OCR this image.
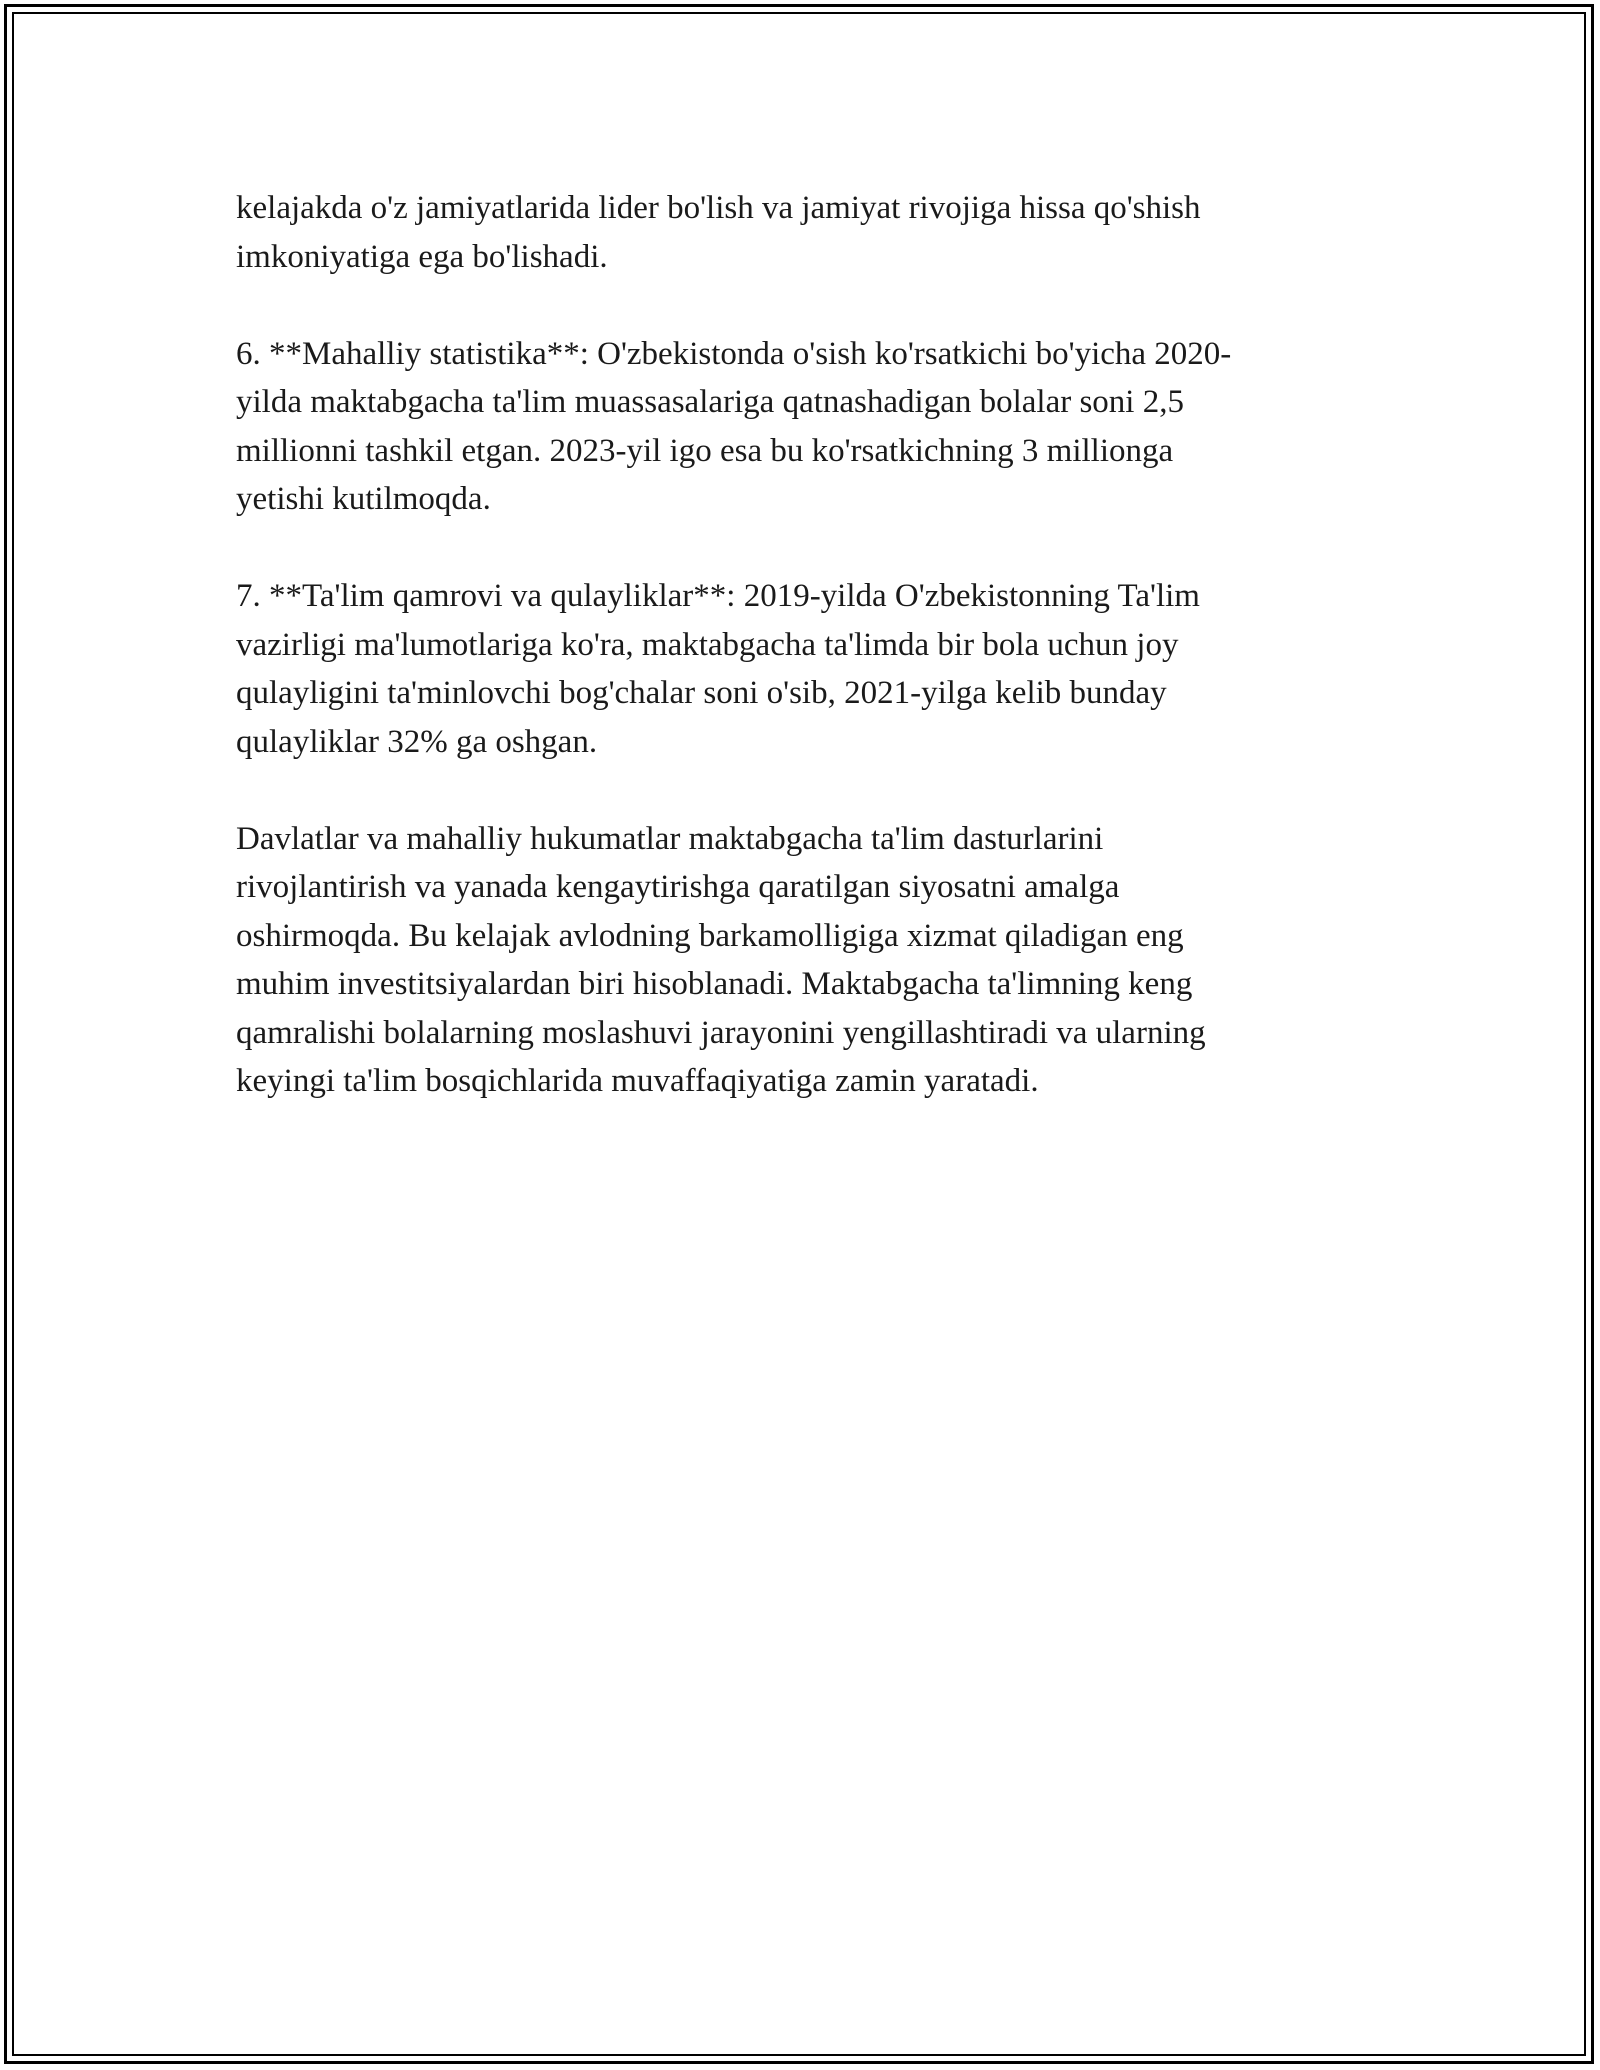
kelajakda o'z jamiyatlarida lider bo'lish va jamiyat rivojiga hissa qo'shish
imkoniyatiga ega bo'lishadi.
6. **Mahalliy statistika**: O'zbekistonda o'sish ko'rsatkichi bo'yicha 2020-
yilda maktabgacha ta'lim muassasalariga qatnashadigan bolalar soni 2,5
millionni tashkil etgan. 2023-yil igo esa bu ko'rsatkichning 3 millionga
yetishi kutilmoqda.
7. **Ta'lim qamrovi va qulayliklar**: 2019-yilda O'zbekistonning Ta'lim
vazirligi ma'lumotlariga ko'ra, maktabgacha ta'limda bir bola uchun joy
qulayligini ta'minlovchi bog'chalar soni o'sib, 2021-yilga kelib bunday
qulayliklar 32% ga oshgan.
Davlatlar va mahalliy hukumatlar maktabgacha ta'lim dasturlarini
rivojlantirish va yanada kengaytirishga qaratilgan siyosatni amalga
oshirmoqda. Bu kelajak avlodning barkamolligiga xizmat qiladigan eng
muhim investitsiyalardan biri hisoblanadi. Maktabgacha ta'limning keng
qamralishi bolalarning moslashuvi jarayonini yengillashtiradi va ularning
keyingi ta'lim bosqichlarida muvaffaqiyatiga zamin yaratadi.
